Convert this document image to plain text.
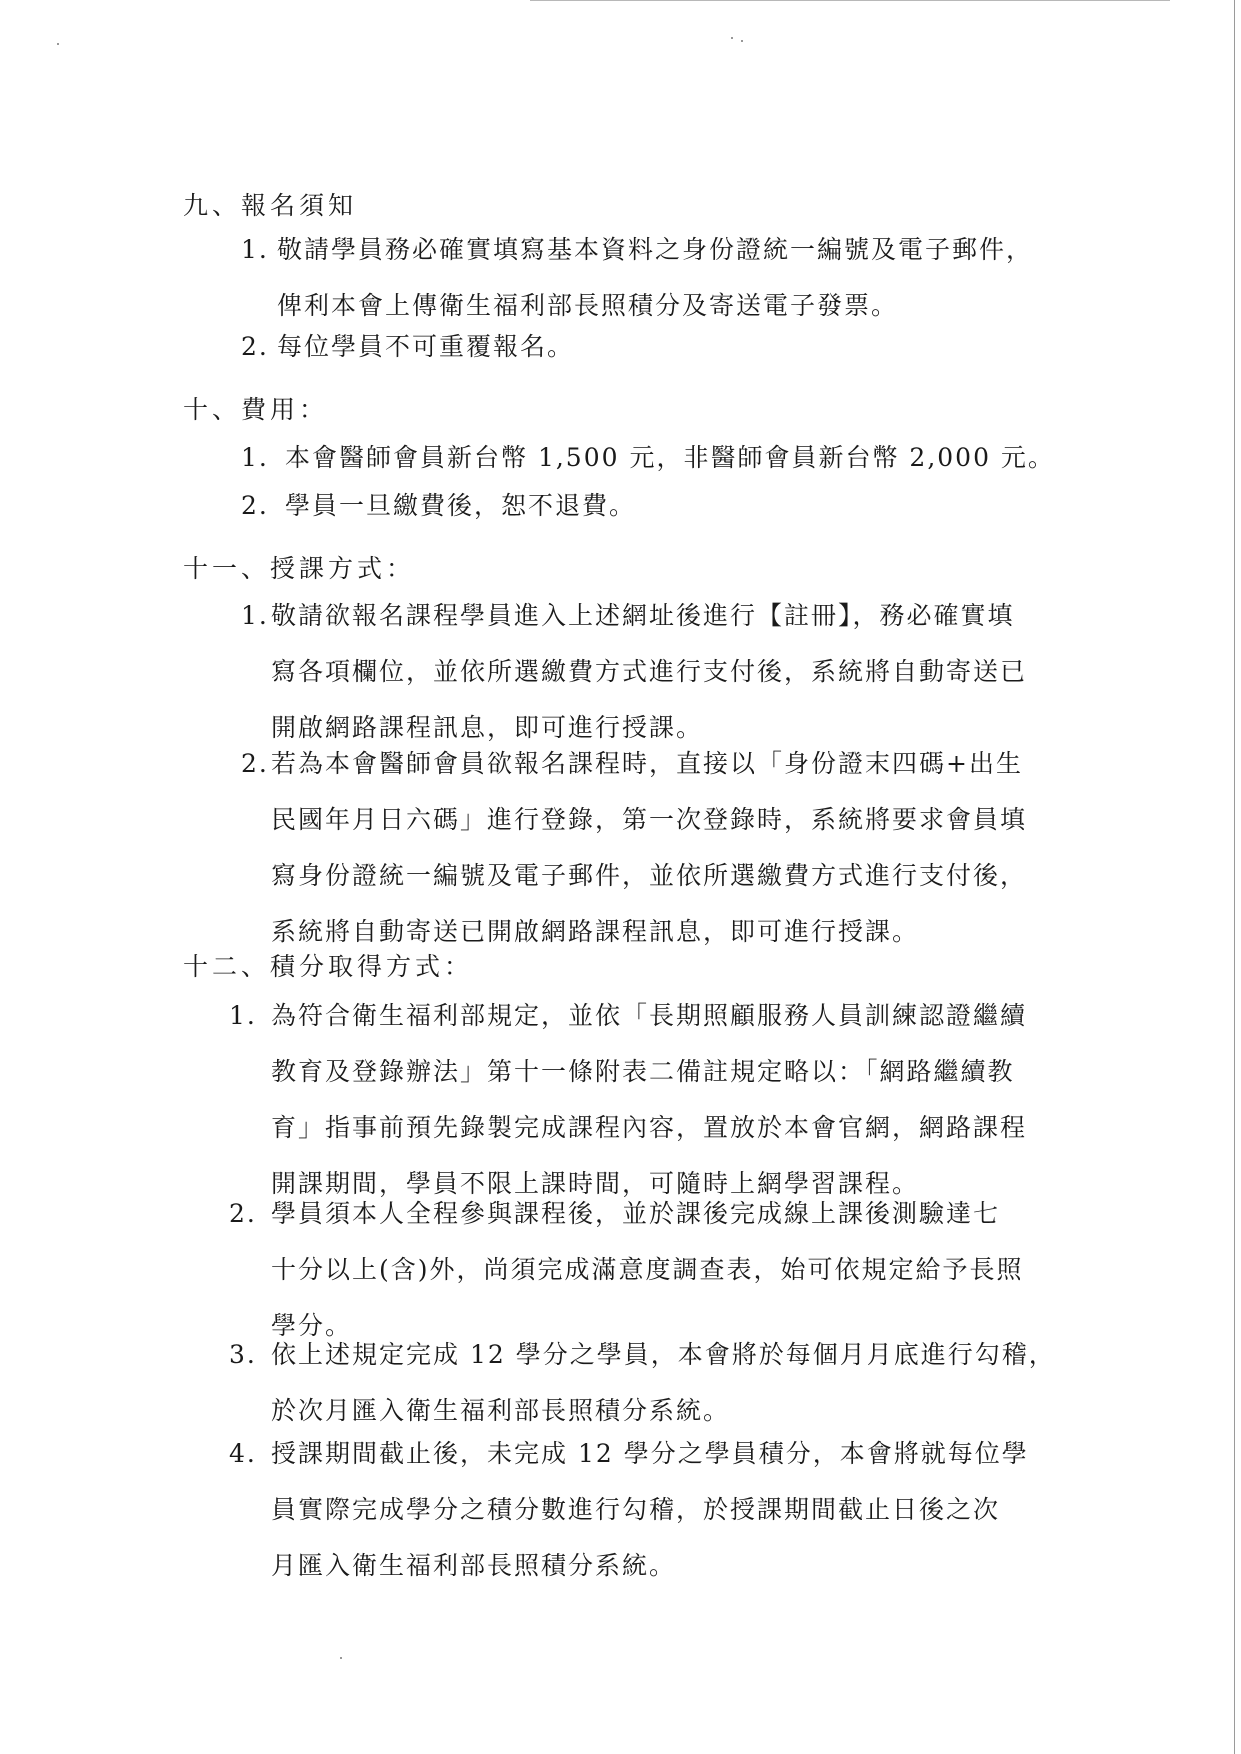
九、報名須知
1. 敬請學員務必確實填寫基本資料之身份證統一編號及電子郵件，
俾利本會上傳衛生福利部長照積分及寄送電子發票。
2. 每位學員不可重覆報名。
十、費用：
1. 本會醫師會員新台幣 1,500 元，非醫師會員新台幣 2,000 元。
2. 學員一旦繳費後，恕不退費。
十一、授課方式：
1. 敬請欲報名課程學員進入上述網址後進行【註冊】，務必確實填
寫各項欄位，並依所選繳費方式進行支付後，系統將自動寄送已
開啟網路課程訊息，即可進行授課。
2. 若為本會醫師會員欲報名課程時，直接以「身份證末四碼+出生
民國年月日六碼」進行登錄，第一次登錄時，系統將要求會員填
寫身份證統一編號及電子郵件，並依所選繳費方式進行支付後，
系統將自動寄送已開啟網路課程訊息，即可進行授課。
十二、積分取得方式：
1. 為符合衛生福利部規定，並依「長期照顧服務人員訓練認證繼續
教育及登錄辦法」第十一條附表二備註規定略以：「網路繼續教
育」指事前預先錄製完成課程內容，置放於本會官網，網路課程
開課期間，學員不限上課時間，可隨時上網學習課程。
2. 學員須本人全程參與課程後，並於課後完成線上課後測驗達七
十分以上(含)外，尚須完成滿意度調查表，始可依規定給予長照
學分。
3. 依上述規定完成 12 學分之學員，本會將於每個月月底進行勾稽，
於次月匯入衛生福利部長照積分系統。
4. 授課期間截止後，未完成 12 學分之學員積分，本會將就每位學
員實際完成學分之積分數進行勾稽，於授課期間截止日後之次
月匯入衛生福利部長照積分系統。
